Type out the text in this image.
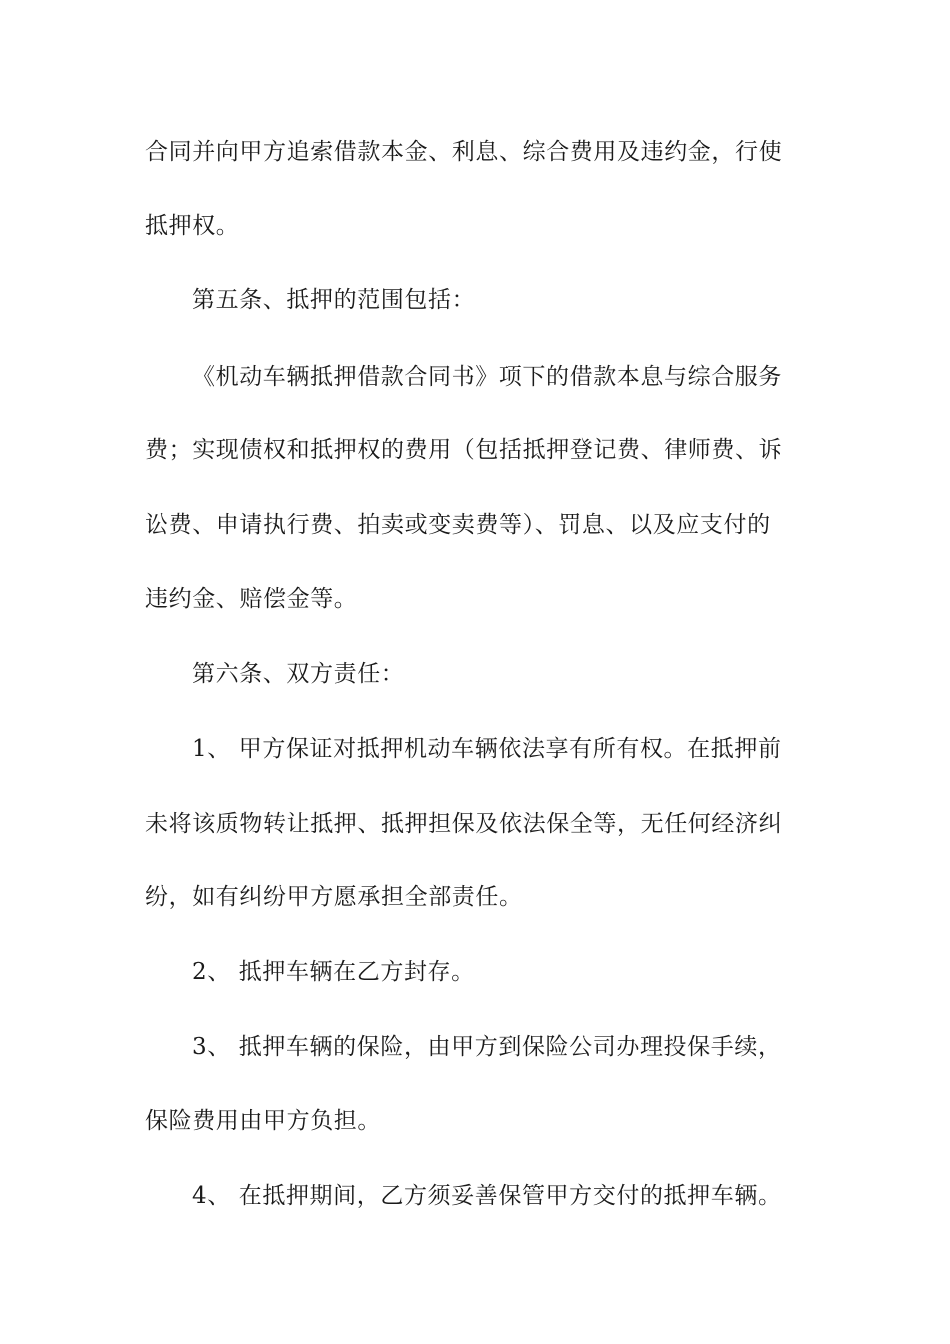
合同并向甲方追索借款本金、利息、综合费用及违约金，行使
抵押权。
第五条、抵押的范围包括：
《机动车辆抵押借款合同书》项下的借款本息与综合服务
费；实现债权和抵押权的费用（包括抵押登记费、律师费、诉
讼费、申请执行费、拍卖或变卖费等）、罚息、以及应支付的
违约金、赔偿金等。
第六条、双方责任：
1、 甲方保证对抵押机动车辆依法享有所有权。在抵押前
未将该质物转让抵押、抵押担保及依法保全等，无任何经济纠
纷，如有纠纷甲方愿承担全部责任。
2、 抵押车辆在乙方封存。
3、 抵押车辆的保险，由甲方到保险公司办理投保手续，
保险费用由甲方负担。
4、 在抵押期间，乙方须妥善保管甲方交付的抵押车辆。
